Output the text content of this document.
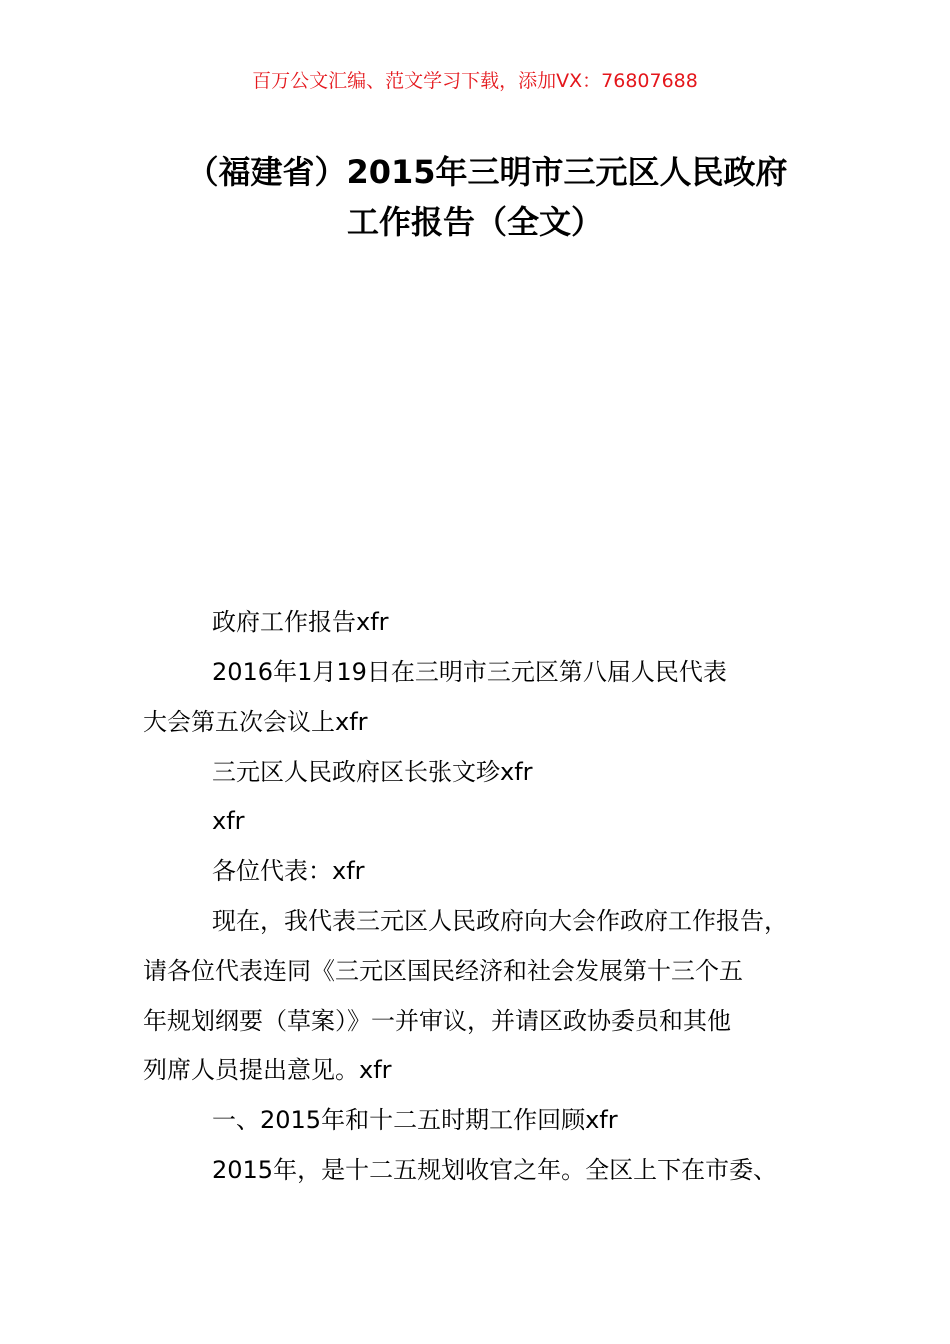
百万公文汇编、范文学习下载，添加VX：76807688
（福建省）2015年三明市三元区人民政府
工作报告（全文）
政府工作报告xfr
2016年1月19日在三明市三元区第八届人民代表
大会第五次会议上xfr
三元区人民政府区长张文珍xfr
xfr
各位代表：xfr
现在，我代表三元区人民政府向大会作政府工作报告，
请各位代表连同《三元区国民经济和社会发展第十三个五
年规划纲要（草案）》一并审议，并请区政协委员和其他
列席人员提出意见。xfr
一、2015年和十二五时期工作回顾xfr
2015年，是十二五规划收官之年。全区上下在市委、
